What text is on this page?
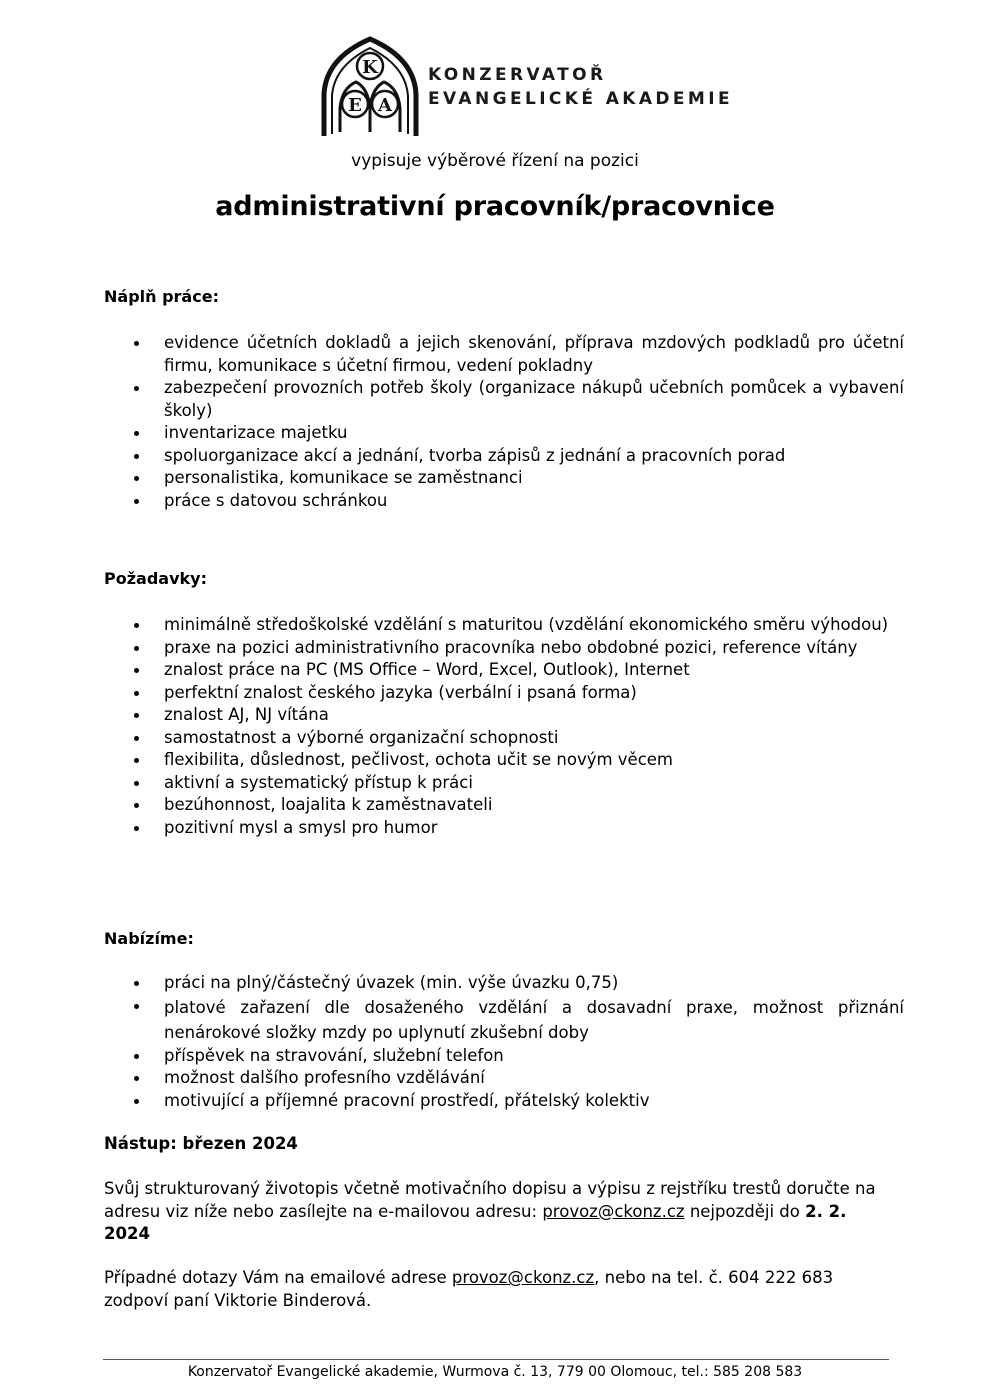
K
E A
KONZERVATOŘ
EVANGELICKÉ AKADEMIE
vypisuje výběrové řízení na pozici
administrativní pracovník/pracovnice
Náplň práce:
evidence účetních dokladů a jejich skenování, příprava mzdových podkladů pro účetní firmu, komunikace s účetní firmou, vedení pokladny
zabezpečení provozních potřeb školy (organizace nákupů učebních pomůcek a vybavení školy)
inventarizace majetku
spoluorganizace akcí a jednání, tvorba zápisů z jednání a pracovních porad
personalistika, komunikace se zaměstnanci
práce s datovou schránkou
Požadavky:
minimálně středoškolské vzdělání s maturitou (vzdělání ekonomického směru výhodou)
praxe na pozici administrativního pracovníka nebo obdobné pozici, reference vítány
znalost práce na PC (MS Office – Word, Excel, Outlook), Internet
perfektní znalost českého jazyka (verbální i psaná forma)
znalost AJ, NJ vítána
samostatnost a výborné organizační schopnosti
flexibilita, důslednost, pečlivost, ochota učit se novým věcem
aktivní a systematický přístup k práci
bezúhonnost, loajalita k zaměstnavateli
pozitivní mysl a smysl pro humor
Nabízíme:
práci na plný/částečný úvazek (min. výše úvazku 0,75)
platové zařazení dle dosaženého vzdělání a dosavadní praxe, možnost přiznání nenárokové složky mzdy po uplynutí zkušební doby
příspěvek na stravování, služební telefon
možnost dalšího profesního vzdělávání
motivující a příjemné pracovní prostředí, přátelský kolektiv
Nástup: březen 2024
Svůj strukturovaný životopis včetně motivačního dopisu a výpisu z rejstříku trestů doručte na adresu viz níže nebo zasílejte na e-mailovou adresu: provoz@ckonz.cz nejpozději do 2. 2. 2024
Případné dotazy Vám na emailové adrese provoz@ckonz.cz, nebo na tel. č. 604 222 683 zodpoví paní Viktorie Binderová.
Konzervatoř Evangelické akademie, Wurmova č. 13, 779 00 Olomouc, tel.: 585 208 583
